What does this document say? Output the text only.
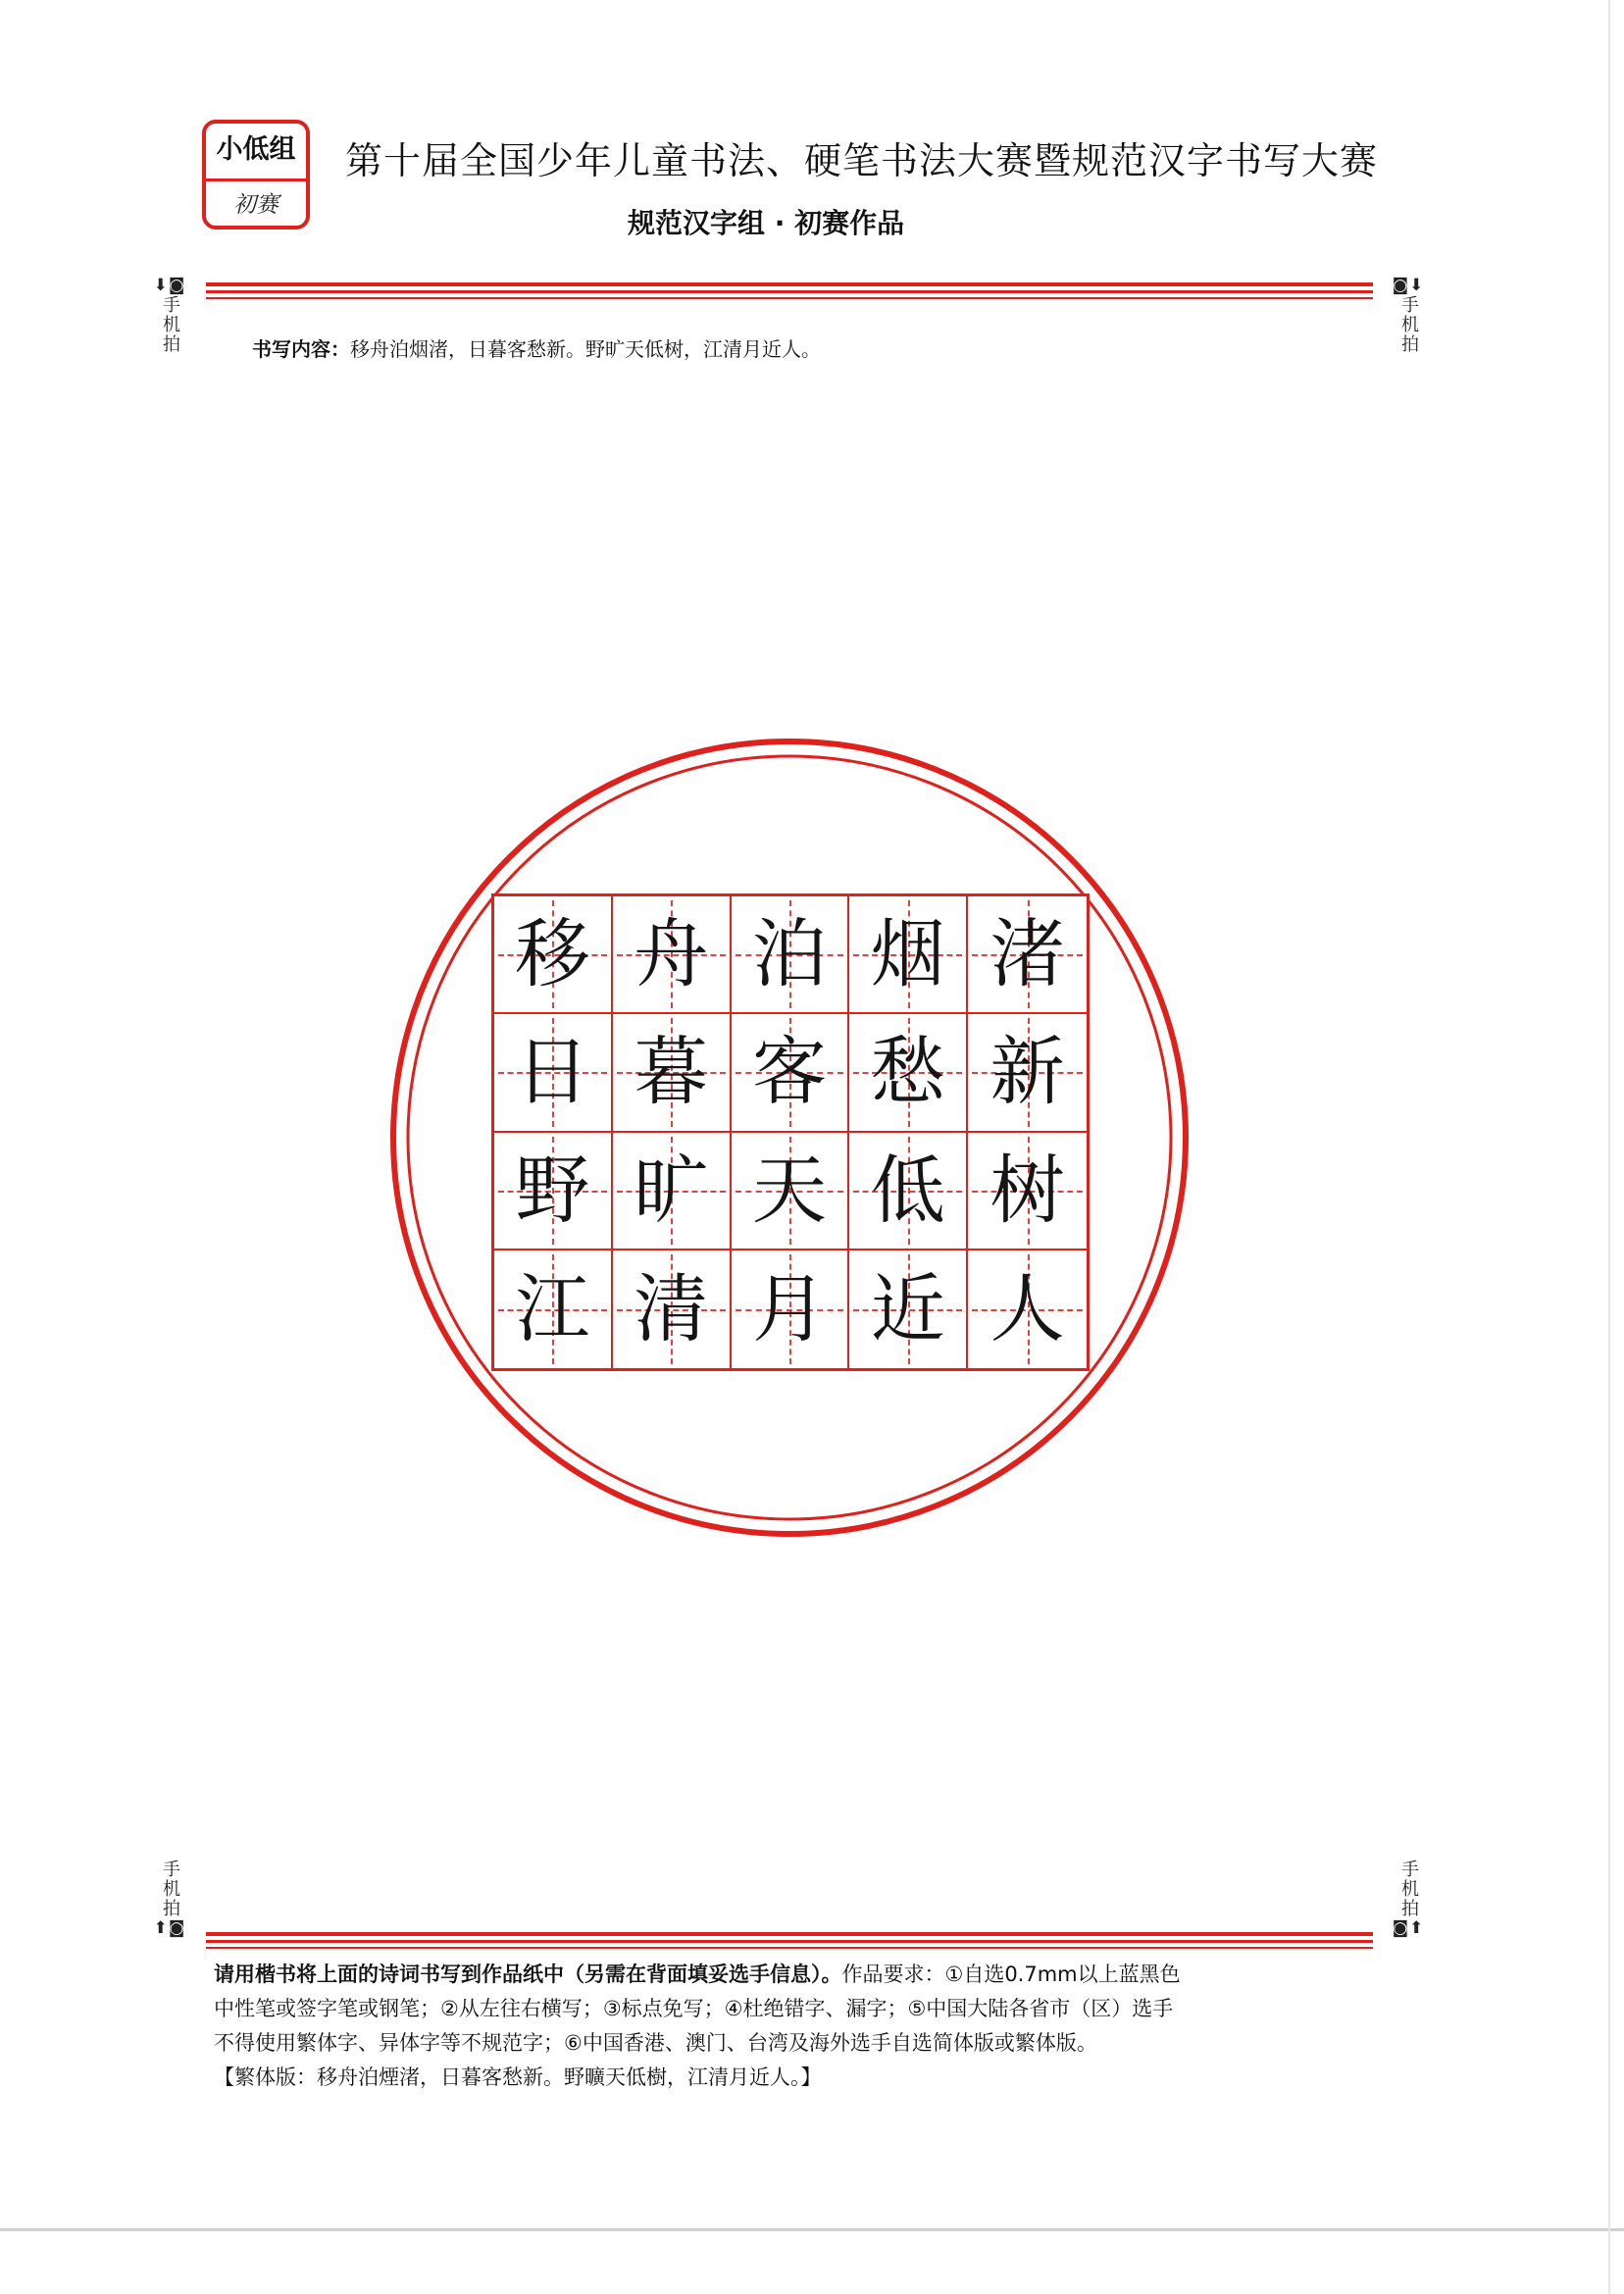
小低组
初赛
第十届全国少年儿童书法、硬笔书法大赛暨规范汉字书写大赛
规范汉字组 · 初赛作品
⬇◙
手机拍
◙⬇
手机拍
书写内容：移舟泊烟渚，日暮客愁新。野旷天低树，江清月近人。
移 舟 泊 烟 渚
日 暮 客 愁 新
野 旷 天 低 树
江 清 月 近 人
手机拍
⬆◙
手机拍
◙⬆

请用楷书将上面的诗词书写到作品纸中（另需在背面填妥选手信息）。作品要求：①自选0.7mm以上蓝黑色

中性笔或签字笔或钢笔；②从左往右横写；③标点免写；④杜绝错字、漏字；⑤中国大陆各省市（区）选手

不得使用繁体字、异体字等不规范字；⑥中国香港、澳门、台湾及海外选手自选简体版或繁体版。

【繁体版：移舟泊煙渚，日暮客愁新。野曠天低樹，江清月近人。】
